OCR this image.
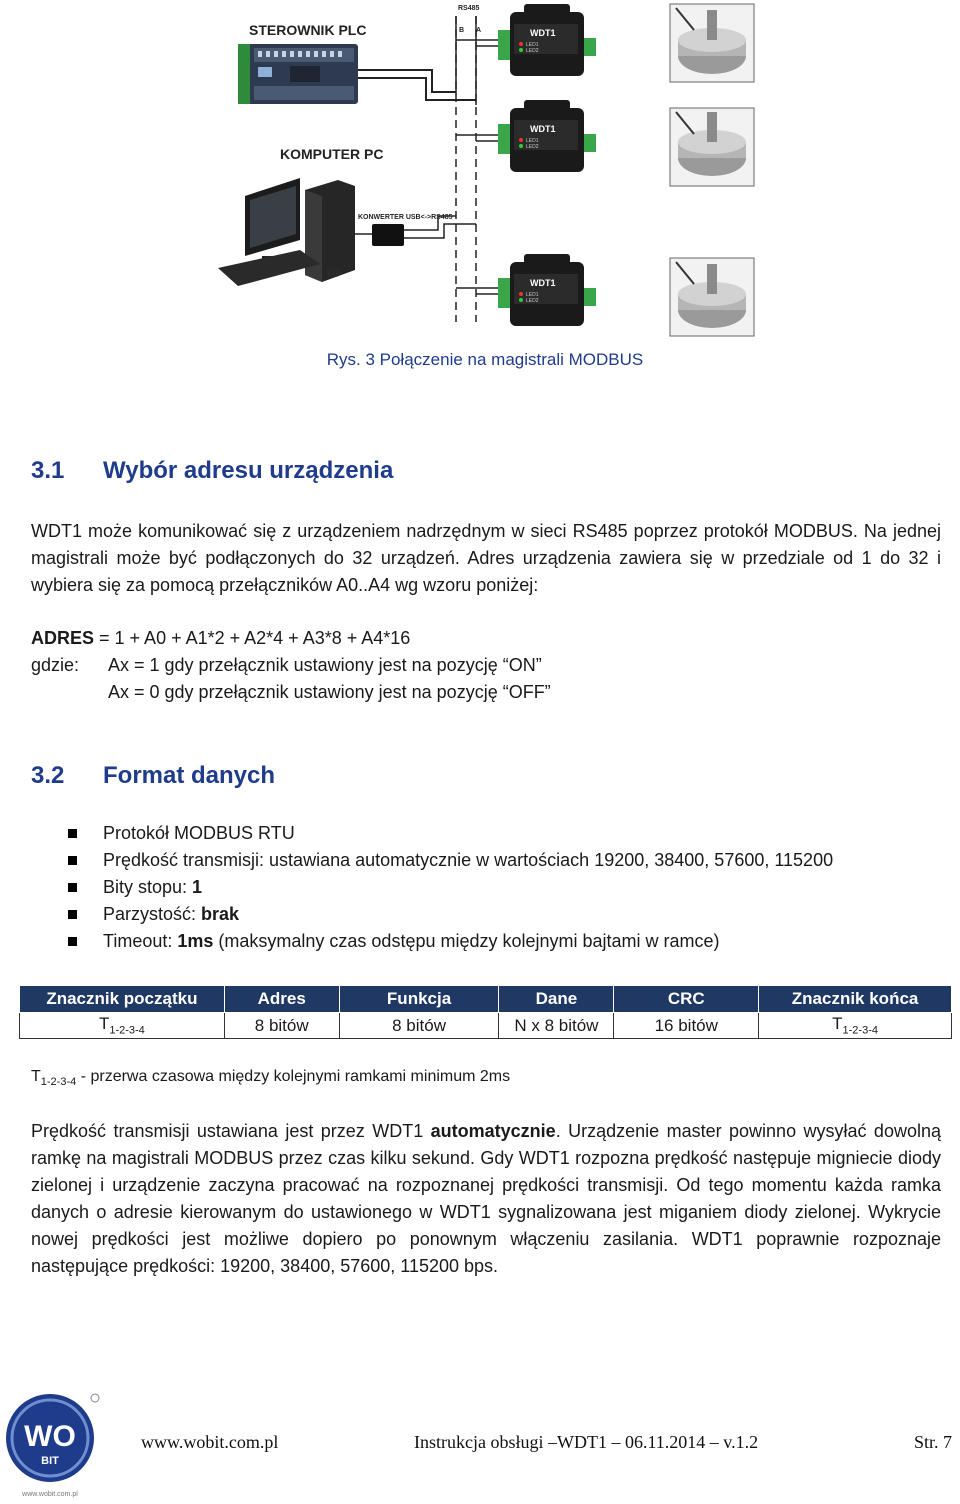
STEROWNIK PLC
KOMPUTER PC
KONWERTER USB<->RS485
RS485
B A	WDT1
LED1
LED2
WDT1
LED1
LED2
WDT1
LED1
LED2
Rys. 3 Połączenie na magistrali MODBUS
3.1 Wybór adresu urządzenia

WDT1 może komunikować się z urządzeniem nadrzędnym w sieci RS485 poprzez protokół MODBUS. Na jednej magistrali może być podłączonych do 32 urządzeń. Adres urządzenia zawiera się w przedziale od 1 do 32 i wybiera się za pomocą przełączników A0..A4 wg wzoru poniżej:

ADRES = 1 + A0 + A1*2 + A2*4 + A3*8 + A4*16
gdzie: Ax = 1 gdy przełącznik ustawiony jest na pozycję “ON”
Ax = 0 gdy przełącznik ustawiony jest na pozycję “OFF”
3.2 Format danych
Protokół MODBUS RTU
Prędkość transmisji: ustawiana automatycznie w wartościach 19200, 38400, 57600, 115200
Bity stopu: 1
Parzystość: brak
Timeout: 1ms (maksymalny czas odstępu między kolejnymi bajtami w ramce)
Znacznik początku	Adres	Funkcja	Dane	CRC	Znacznik końca
$T_{1-2-3-4}$	8 bitów	8 bitów	N x 8 bitów	16 bitów	$T_{1-2-3-4}$
$T_{1-2-3-4}$ - przerwa czasowa między kolejnymi ramkami minimum 2ms

Prędkość transmisji ustawiana jest przez WDT1 automatycznie. Urządzenie master powinno wysyłać dowolną ramkę na magistrali MODBUS przez czas kilku sekund. Gdy WDT1 rozpozna prędkość następuje migniecie diody zielonej i urządzenie zaczyna pracować na rozpoznanej prędkości transmisji. Od tego momentu każda ramka danych o adresie kierowanym do ustawionego w WDT1 sygnalizowana jest miganiem diody zielonej. Wykrycie nowej prędkości jest możliwe dopiero po ponownym włączeniu zasilania. WDT1 poprawnie rozpoznaje następujące prędkości: 19200, 38400, 57600, 115200 bps.

WO
BIT
www.wobit.com.pl
www.wobit.com.pl	Instrukcja obsługi –WDT1 – 06.11.2014 – v.1.2	Str. 7
